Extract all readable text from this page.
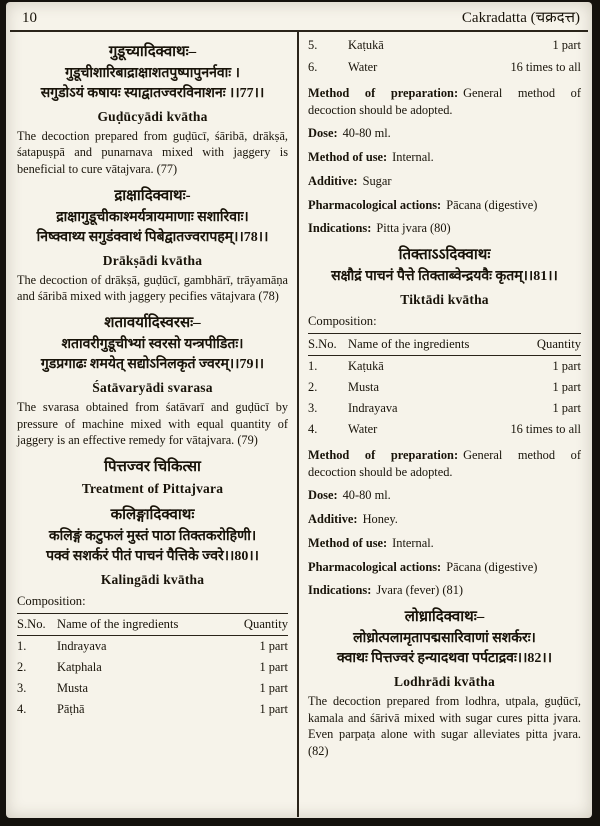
10	Cakradatta (चक्रदत्त)
गुडूच्यादिक्वाथः–
गुडूचीशारिबाद्राक्षाशतपुष्पापुनर्नवाः ।
सगुडोऽयं कषायः स्याद्वातज्वरविनाशनः ।।77।।
Guḍūcyādi kvātha

The decoction prepared from guḍūcī, śāribā, drākṣā, śatapuṣpā and punarnava mixed with jaggery is beneficial to cure vātajvara. (77)

द्राक्षादिक्वाथः-
द्राक्षागुडूचीकाश्मर्यत्रायमाणाः सशारिवाः।
निष्क्वाथ्य सगुडंक्वाथं पिबेद्वातज्वरापहम्।।78।।
Drākṣādi kvātha

The decoction of drākṣā, guḍūcī, gambhārī, trāyamāṇa and śāribā mixed with jaggery pecifies vātajvara (78)

शतावर्यादिस्वरसः–
शतावरीगुडूचीभ्यां स्वरसो यन्त्रपीडितः।
गुडप्रगाढः शमयेत् सद्योऽनिलकृतं ज्वरम्।।79।।
Śatāvaryādi svarasa

The svarasa obtained from śatāvarī and guḍūcī by pressure of machine mixed with equal quantity of jaggery is an effective remedy for vātajvara. (79)

पित्तज्वर चिकित्सा
Treatment of Pittajvara
कलिङ्गादिक्वाथः
कलिङ्गं कटुफलं मुस्तं पाठा तिक्तकरोहिणी।
पक्वं सशर्करं पीतं पाचनं पैत्तिके ज्वरे।।80।।
Kalingādi kvātha
Composition:
S.No.	Name of the ingredients	Quantity
1.	Indrayava	1 part
2.	Katphala	1 part
3.	Musta	1 part
4.	Pāṭhā	1 part
5.	Kaṭukā	1 part
6.	Water	16 times to all

Method of preparation: General method of decoction should be adopted.

Dose: 40-80 ml.

Method of use: Internal.

Additive: Sugar

Pharmacological actions: Pācana (digestive)

Indications: Pitta jvara (80)

तिक्ताऽऽदिक्वाथः
सक्षौद्रं पाचनं पैत्ते तिक्ताब्वेन्द्रयवैः कृतम्।।81।।
Tiktādi kvātha
Composition:
S.No.	Name of the ingredients	Quantity
1.	Kaṭukā	1 part
2.	Musta	1 part
3.	Indrayava	1 part
4.	Water	16 times to all

Method of preparation: General method of decoction should be adopted.

Dose: 40-80 ml.

Additive: Honey.

Method of use: Internal.

Pharmacological actions: Pācana (digestive)

Indications: Jvara (fever) (81)

लोध्रादिक्वाथः–
लोध्रोत्पलामृतापद्मसारिवाणां सशर्करः।
क्वाथः पित्तज्वरं हन्यादथवा पर्पटाद्रवः।।82।।
Lodhrādi kvātha

The decoction prepared from lodhra, utpala, guḍūcī, kamala and śārivā mixed with sugar cures pitta jvara. Even parpaṭa alone with sugar alleviates pitta jvara. (82)
